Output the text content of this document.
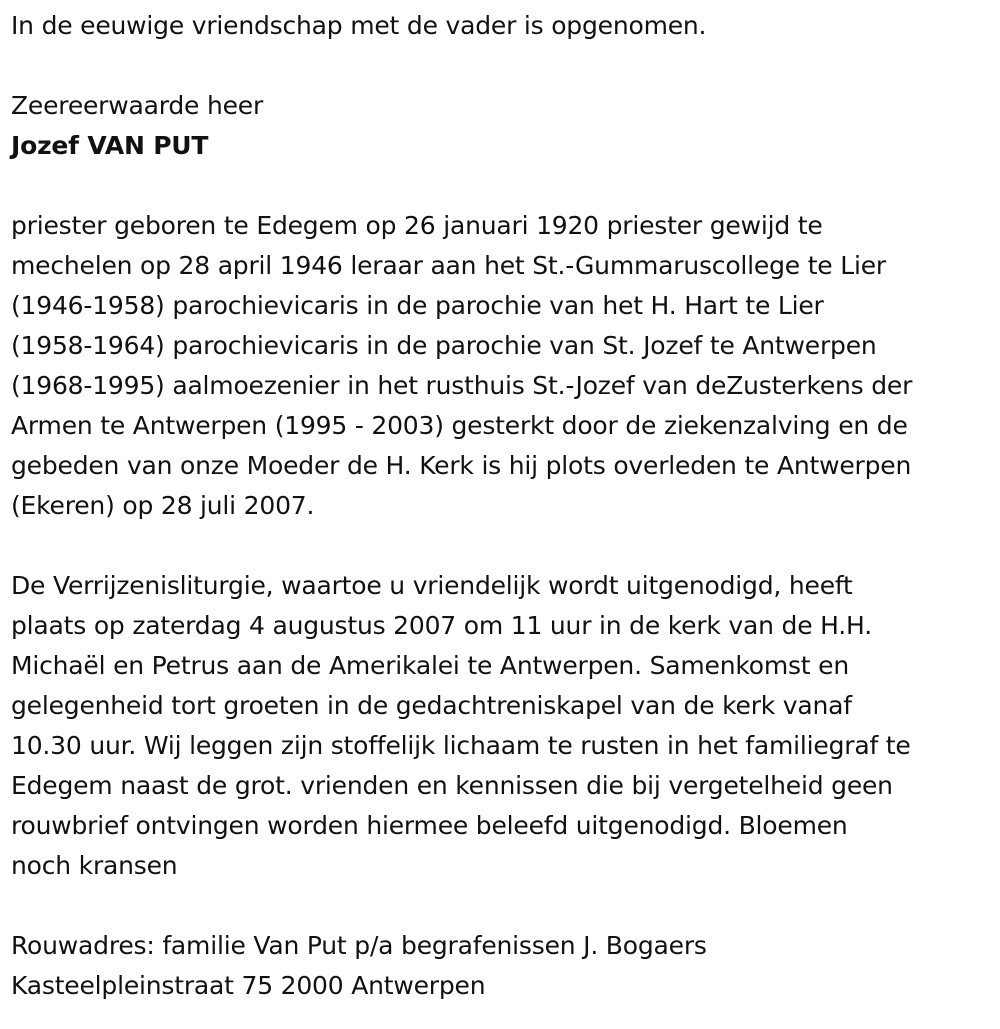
In de eeuwige vriendschap met de vader is opgenomen.
Zeereerwaarde heer
Jozef VAN PUT
priester geboren te Edegem op 26 januari 1920 priester gewijd te
mechelen op 28 april 1946 leraar aan het St.-Gummaruscollege te Lier
(1946-1958) parochievicaris in de parochie van het H. Hart te Lier
(1958-1964) parochievicaris in de parochie van St. Jozef te Antwerpen
(1968-1995) aalmoezenier in het rusthuis St.-Jozef van deZusterkens der
Armen te Antwerpen (1995 - 2003) gesterkt door de ziekenzalving en de
gebeden van onze Moeder de H. Kerk is hij plots overleden te Antwerpen
(Ekeren) op 28 juli 2007.
De Verrijzenisliturgie, waartoe u vriendelijk wordt uitgenodigd, heeft
plaats op zaterdag 4 augustus 2007 om 11 uur in de kerk van de H.H.
Michaël en Petrus aan de Amerikalei te Antwerpen. Samenkomst en
gelegenheid tort groeten in de gedachtreniskapel van de kerk vanaf
10.30 uur. Wij leggen zijn stoffelijk lichaam te rusten in het familiegraf te
Edegem naast de grot. vrienden en kennissen die bij vergetelheid geen
rouwbrief ontvingen worden hiermee beleefd uitgenodigd. Bloemen
noch kransen
Rouwadres: familie Van Put p/a begrafenissen J. Bogaers
Kasteelpleinstraat 75 2000 Antwerpen
